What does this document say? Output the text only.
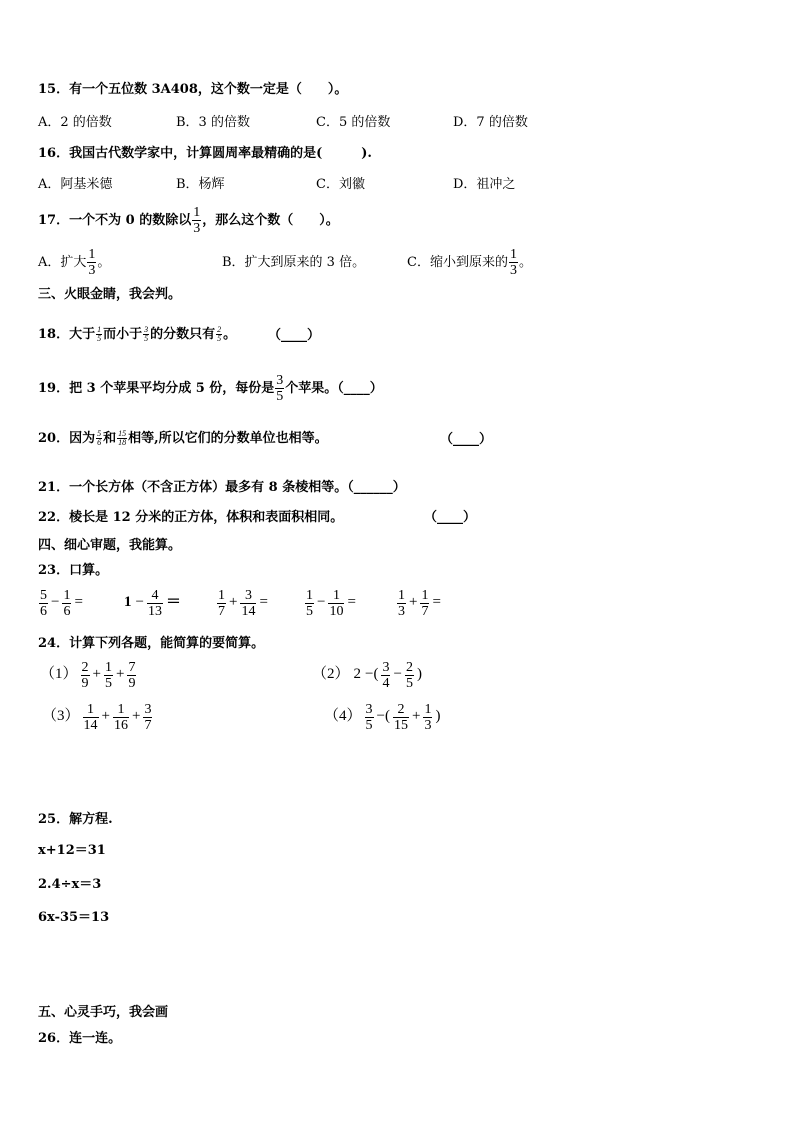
15．有一个五位数 3A408，这个数一定是（　　）。
A．2 的倍数	B．3 的倍数	C．5 的倍数	D．7 的倍数
16．我国古代数学家中，计算圆周率最精确的是(　　　).
A．阿基米德	B．杨辉	C．刘徽	D．祖冲之
17．一个不为 0 的数除以 $\frac{1}{3}$ ，那么这个数（　　）。
A．扩大 $\frac{1}{3}$ 。	B．扩大到原来的 3 倍。	C．缩小到原来的 $\frac{1}{3}$ 。
三、火眼金睛，我会判。
18．大于 $\frac{1}{5}$ 而小于 $\frac{3}{5}$ 的分数只有 $\frac{2}{5}$ 。 （____）
19．把 3 个苹果平均分成 5 份，每份是 $\frac{3}{5}$ 个苹果。（____）
20．因为 $\frac{5}{6}$ 和 $\frac{15}{18}$ 相等,所以它们的分数单位也相等。	（____）
21．一个长方体（不含正方体）最多有 8 条棱相等。（______）
22．棱长是 12 分米的正方体，体积和表面积相同。	（____）
四、细心审题，我能算。
23．口算。
$\frac{5}{6} - \frac{1}{6}$ =	$1 - \frac{4}{13}$ ＝	$\frac{1}{7} + \frac{3}{14}$ =	$\frac{1}{5} - \frac{1}{10}$ =	$\frac{1}{3} + \frac{1}{7}$ =
24．计算下列各题，能简算的要简算。
$(1) \frac{2}{9} + \frac{1}{5} + \frac{7}{9}$	（2） 2 −( $\frac{3}{4} - \frac{2}{5}$ )
$(3) \frac{1}{14} + \frac{1}{16} + \frac{3}{7}$	$(4) \frac{3}{5}$ −( $\frac{2}{15} + \frac{1}{3}$ )
25．解方程.
x+12＝31
2.4÷x＝3
6x-35＝13
五、心灵手巧，我会画
26．连一连。
